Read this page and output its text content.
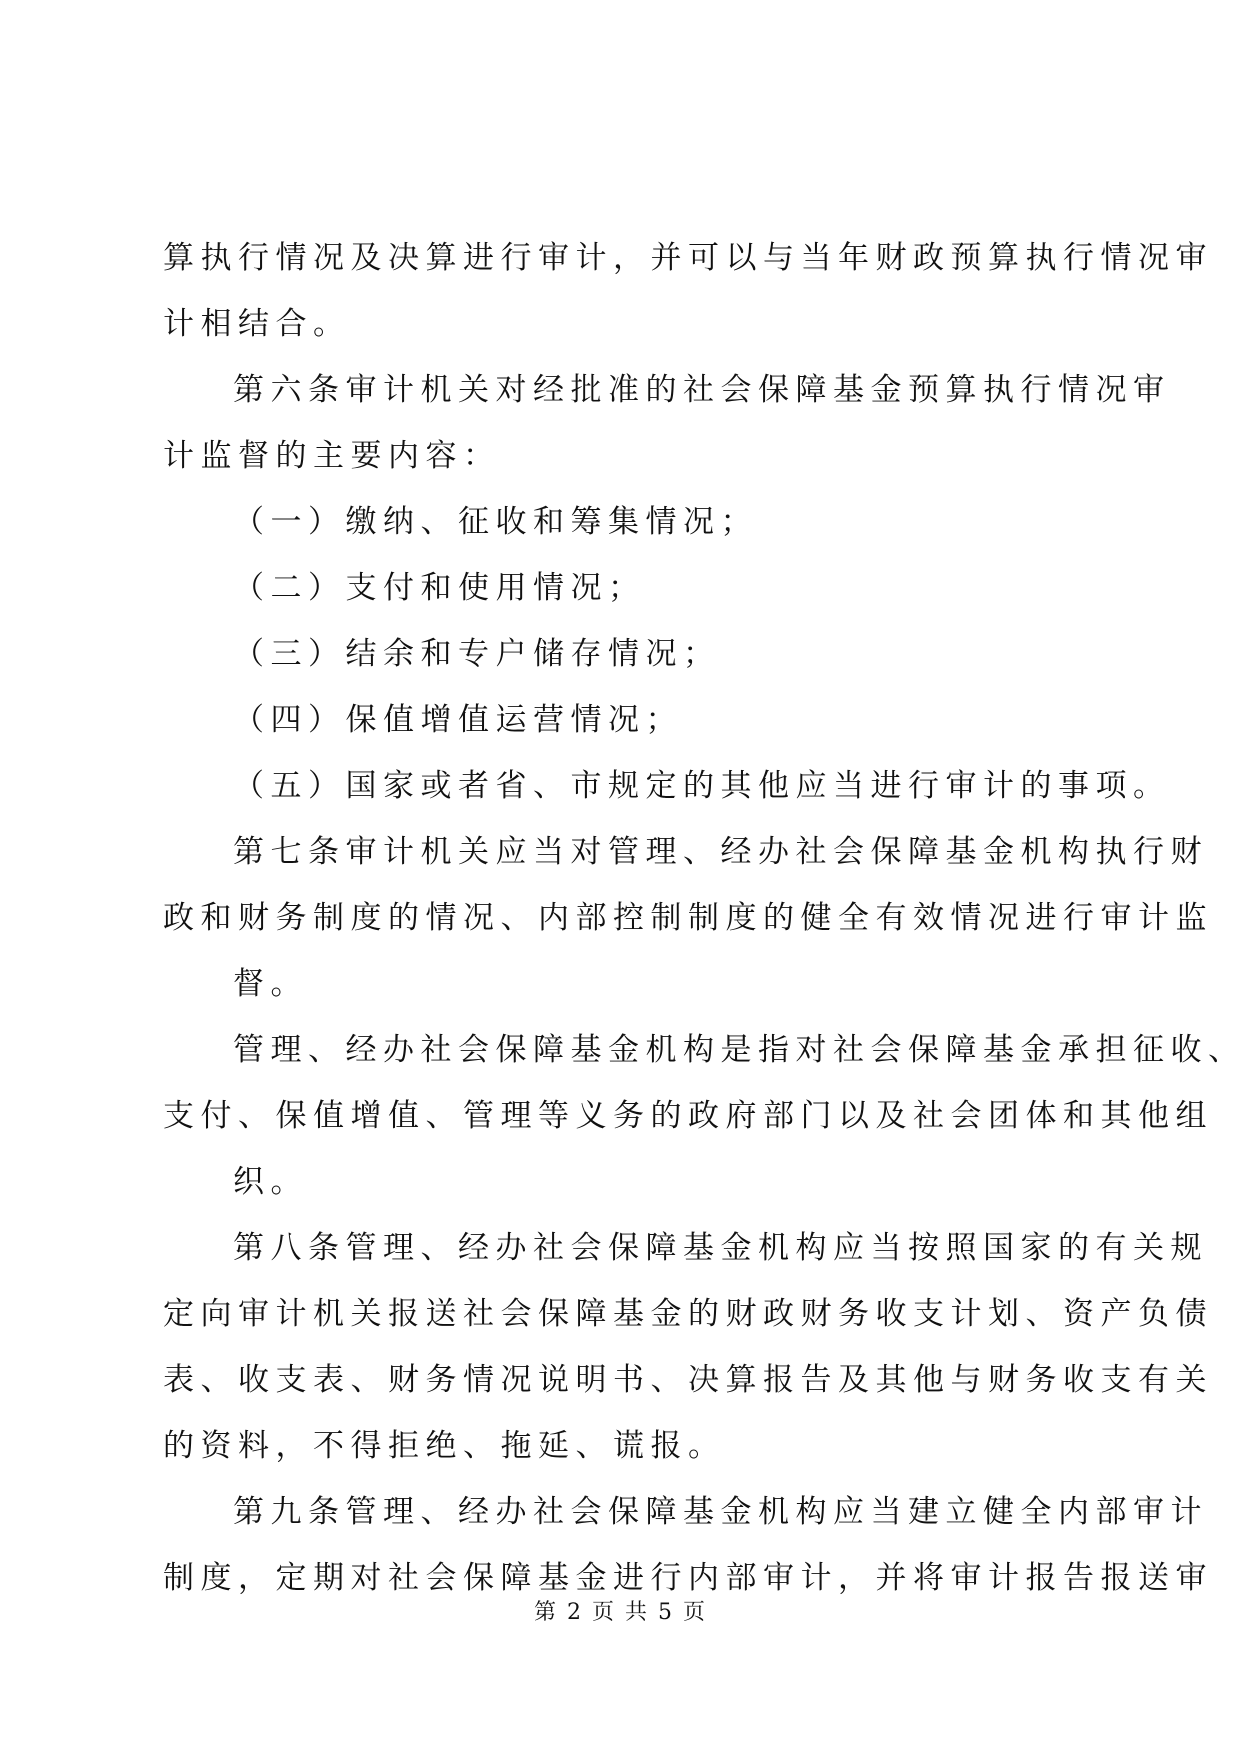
算执行情况及决算进行审计，并可以与当年财政预算执行情况审
计相结合。
第六条审计机关对经批准的社会保障基金预算执行情况审
计监督的主要内容：
（一）缴纳、征收和筹集情况；
（二）支付和使用情况；
（三）结余和专户储存情况；
（四）保值增值运营情况；
（五）国家或者省、市规定的其他应当进行审计的事项。
第七条审计机关应当对管理、经办社会保障基金机构执行财
政和财务制度的情况、内部控制制度的健全有效情况进行审计监
督。
管理、经办社会保障基金机构是指对社会保障基金承担征收、
支付、保值增值、管理等义务的政府部门以及社会团体和其他组
织。
第八条管理、经办社会保障基金机构应当按照国家的有关规
定向审计机关报送社会保障基金的财政财务收支计划、资产负债
表、收支表、财务情况说明书、决算报告及其他与财务收支有关
的资料，不得拒绝、拖延、谎报。
第九条管理、经办社会保障基金机构应当建立健全内部审计
制度，定期对社会保障基金进行内部审计，并将审计报告报送审
第 2 页 共 5 页
